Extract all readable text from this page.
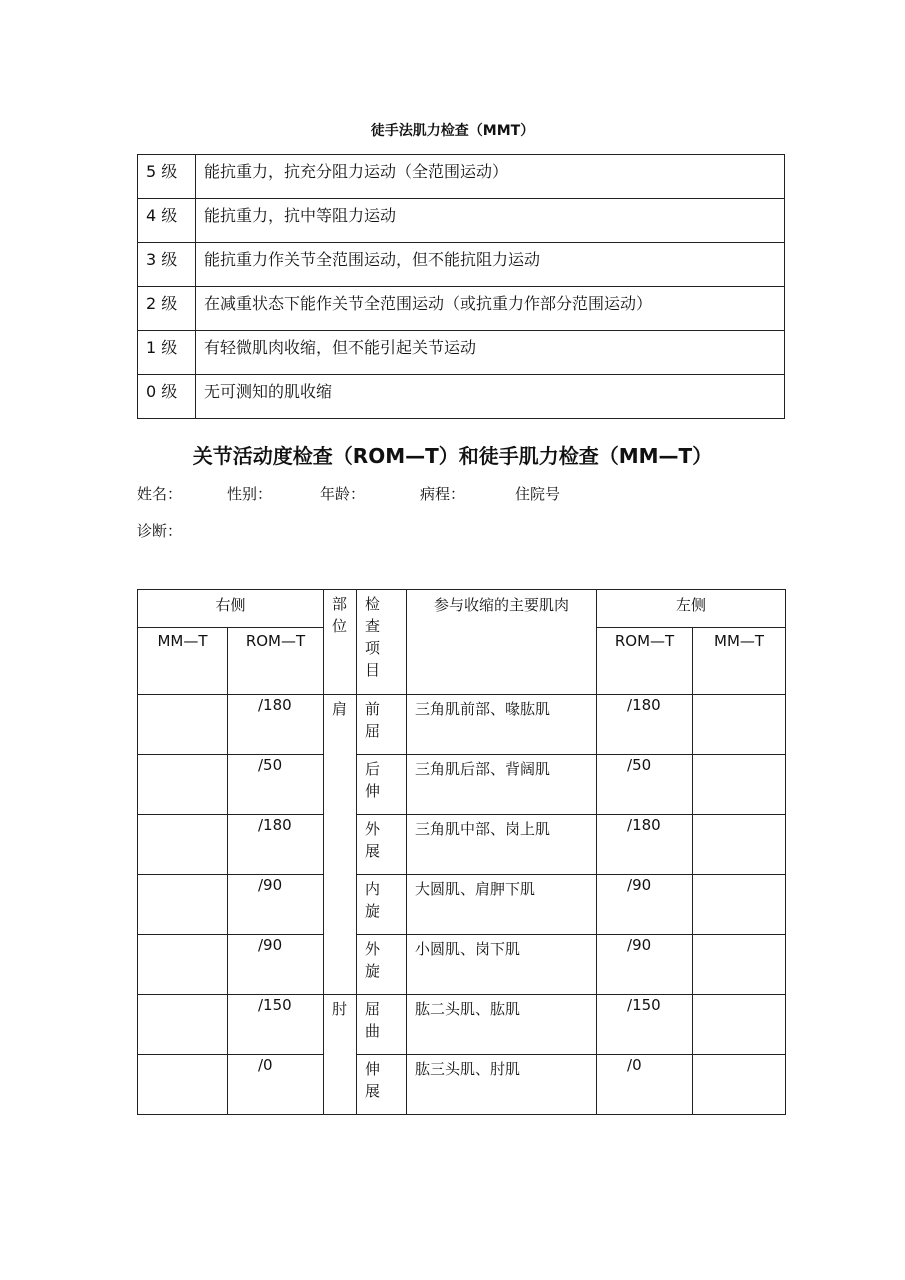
徒手法肌力检查（MMT）
5 级	能抗重力，抗充分阻力运动（全范围运动）
4 级	能抗重力，抗中等阻力运动
3 级	能抗重力作关节全范围运动，但不能抗阻力运动
2 级	在减重状态下能作关节全范围运动（或抗重力作部分范围运动）
1 级	有轻微肌肉收缩，但不能引起关节运动
0 级	无可测知的肌收缩
关节活动度检查（ROM—T）和徒手肌力检查（MM—T）
姓名：	性别：	年龄：	病程：	住院号
诊断：
右侧		部位	检查项目	参与收缩的主要肌肉	左侧	
MM—T	ROM—T				ROM—T	MM—T
	/180	肩	前屈	三角肌前部、喙肱肌	/180	
	/50		后伸	三角肌后部、背阔肌	/50	
	/180		外展	三角肌中部、岗上肌	/180	
	/90		内旋	大圆肌、肩胛下肌	/90	
	/90		外旋	小圆肌、岗下肌	/90	
	/150	肘	屈曲	肱二头肌、肱肌	/150	
	/0		伸展	肱三头肌、肘肌	/0	
